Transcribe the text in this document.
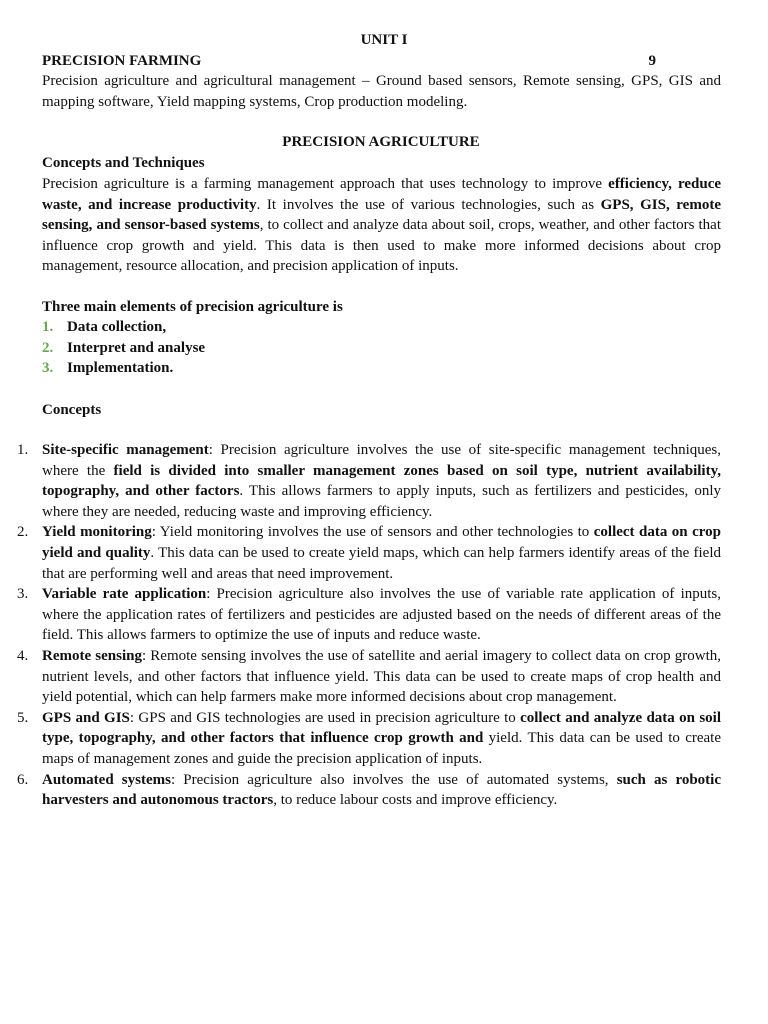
UNIT I
PRECISION FARMING	9
Precision agriculture and agricultural management – Ground based sensors, Remote sensing, GPS, GIS and mapping software, Yield mapping systems, Crop production modeling.
PRECISION AGRICULTURE
Concepts and Techniques

Precision agriculture is a farming management approach that uses technology to improve efficiency, reduce waste, and increase productivity. It involves the use of various technologies, such as GPS, GIS, remote sensing, and sensor-based systems, to collect and analyze data about soil, crops, weather, and other factors that influence crop growth and yield. This data is then used to make more informed decisions about crop management, resource allocation, and precision application of inputs.

Three main elements of precision agriculture is
1. Data collection,
2. Interpret and analyse
3. Implementation.
Concepts
1. Site-specific management: Precision agriculture involves the use of site-specific management techniques, where the field is divided into smaller management zones based on soil type, nutrient availability, topography, and other factors. This allows farmers to apply inputs, such as fertilizers and pesticides, only where they are needed, reducing waste and improving efficiency.
2. Yield monitoring: Yield monitoring involves the use of sensors and other technologies to collect data on crop yield and quality. This data can be used to create yield maps, which can help farmers identify areas of the field that are performing well and areas that need improvement.
3. Variable rate application: Precision agriculture also involves the use of variable rate application of inputs, where the application rates of fertilizers and pesticides are adjusted based on the needs of different areas of the field. This allows farmers to optimize the use of inputs and reduce waste.
4. Remote sensing: Remote sensing involves the use of satellite and aerial imagery to collect data on crop growth, nutrient levels, and other factors that influence yield. This data can be used to create maps of crop health and yield potential, which can help farmers make more informed decisions about crop management.
5. GPS and GIS: GPS and GIS technologies are used in precision agriculture to collect and analyze data on soil type, topography, and other factors that influence crop growth and yield. This data can be used to create maps of management zones and guide the precision application of inputs.
6. Automated systems: Precision agriculture also involves the use of automated systems, such as robotic harvesters and autonomous tractors, to reduce labour costs and improve efficiency.
